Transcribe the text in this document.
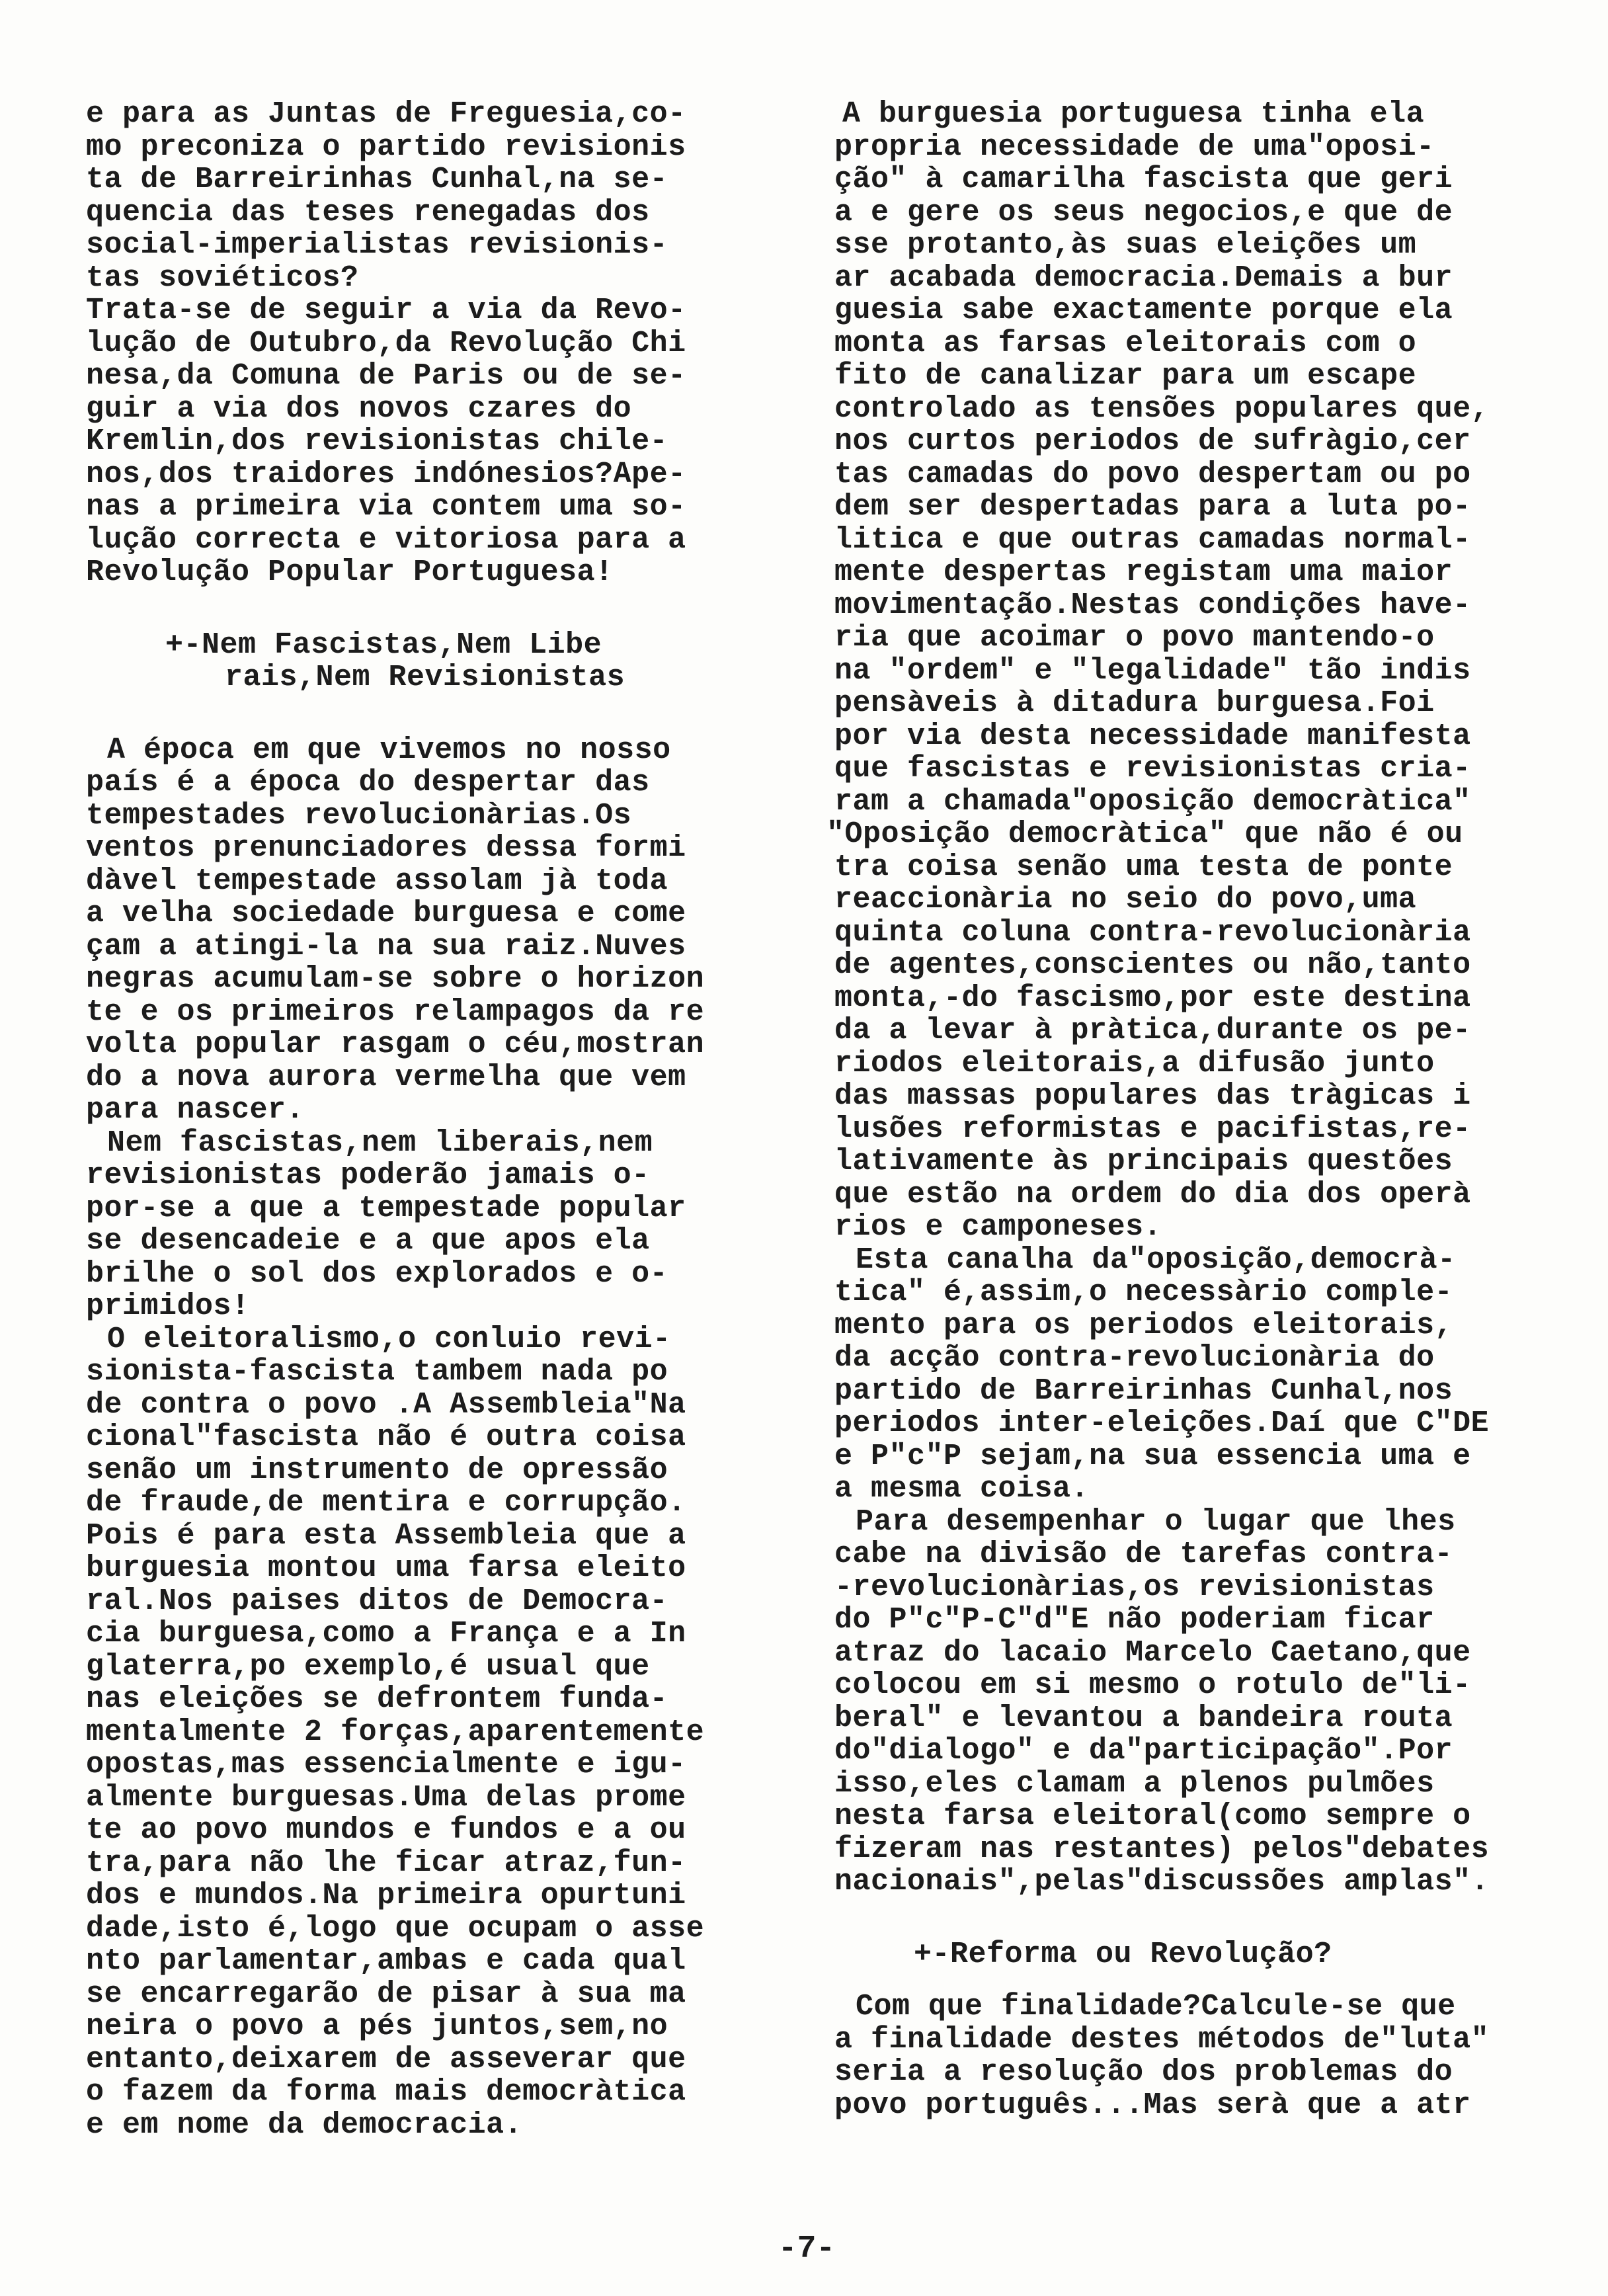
e para as Juntas de Freguesia,co-
mo preconiza o partido revisionis
ta de Barreirinhas Cunhal,na se-
quencia das teses renegadas dos
social-imperialistas revisionis-
tas soviéticos?
Trata-se de seguir a via da Revo-
lução de Outubro,da Revolução Chi
nesa,da Comuna de Paris ou de se-
guir a via dos novos czares do
Kremlin,dos revisionistas chile-
nos,dos traidores indónesios?Ape-
nas a primeira via contem uma so-
lução correcta e vitoriosa para a
Revolução Popular Portuguesa!
+-Nem Fascistas,Nem Libe
rais,Nem Revisionistas
A época em que vivemos no nosso
país é a época do despertar das
tempestades revolucionàrias.Os
ventos prenunciadores dessa formi
dàvel tempestade assolam jà toda
a velha sociedade burguesa e come
çam a atingi-la na sua raiz.Nuves
negras acumulam-se sobre o horizon
te e os primeiros relampagos da re
volta popular rasgam o céu,mostran
do a nova aurora vermelha que vem
para nascer.
Nem fascistas,nem liberais,nem
revisionistas poderão jamais o-
por-se a que a tempestade popular
se desencadeie e a que apos ela
brilhe o sol dos explorados e o-
primidos!
O eleitoralismo,o conluio revi-
sionista-fascista tambem nada po
de contra o povo .A Assembleia"Na
cional"fascista não é outra coisa
senão um instrumento de opressão
de fraude,de mentira e corrupção.
Pois é para esta Assembleia que a
burguesia montou uma farsa eleito
ral.Nos paises ditos de Democra-
cia burguesa,como a França e a In
glaterra,po exemplo,é usual que
nas eleições se defrontem funda-
mentalmente 2 forças,aparentemente
opostas,mas essencialmente e igu-
almente burguesas.Uma delas prome
te ao povo mundos e fundos e a ou
tra,para não lhe ficar atraz,fun-
dos e mundos.Na primeira opurtuni
dade,isto é,logo que ocupam o asse
nto parlamentar,ambas e cada qual
se encarregarão de pisar à sua ma
neira o povo a pés juntos,sem,no
entanto,deixarem de asseverar que
o fazem da forma mais democràtica
e em nome da democracia.
A burguesia portuguesa tinha ela
propria necessidade de uma"oposi-
ção" à camarilha fascista que geri
a e gere os seus negocios,e que de
sse protanto,às suas eleições um
ar acabada democracia.Demais a bur
guesia sabe exactamente porque ela
monta as farsas eleitorais com o
fito de canalizar para um escape
controlado as tensões populares que,
nos curtos periodos de sufràgio,cer
tas camadas do povo despertam ou po
dem ser despertadas para a luta po-
litica e que outras camadas normal-
mente despertas registam uma maior
movimentação.Nestas condições have-
ria que acoimar o povo mantendo-o
na "ordem" e "legalidade" tão indis
pensàveis à ditadura burguesa.Foi
por via desta necessidade manifesta
que fascistas e revisionistas cria-
ram a chamada"oposição democràtica"
"Oposição democràtica" que não é ou
tra coisa senão uma testa de ponte
reaccionària no seio do povo,uma
quinta coluna contra-revolucionària
de agentes,conscientes ou não,tanto
monta,-do fascismo,por este destina
da a levar à pràtica,durante os pe-
riodos eleitorais,a difusão junto
das massas populares das tràgicas i
lusões reformistas e pacifistas,re-
lativamente às principais questões
que estão na ordem do dia dos operà
rios e camponeses.
Esta canalha da"oposição,democrà-
tica" é,assim,o necessàrio comple-
mento para os periodos eleitorais,
da acção contra-revolucionària do
partido de Barreirinhas Cunhal,nos
periodos inter-eleições.Daí que C"DE
e P"c"P sejam,na sua essencia uma e
a mesma coisa.
Para desempenhar o lugar que lhes
cabe na divisão de tarefas contra-
-revolucionàrias,os revisionistas
do P"c"P-C"d"E não poderiam ficar
atraz do lacaio Marcelo Caetano,que
colocou em si mesmo o rotulo de"li-
beral" e levantou a bandeira routa
do"dialogo" e da"participação".Por
isso,eles clamam a plenos pulmões
nesta farsa eleitoral(como sempre o
fizeram nas restantes) pelos"debates
nacionais",pelas"discussões amplas".
+-Reforma ou Revolução?
Com que finalidade?Calcule-se que
a finalidade destes métodos de"luta"
seria a resolução dos problemas do
povo português...Mas serà que a atr
-7-
